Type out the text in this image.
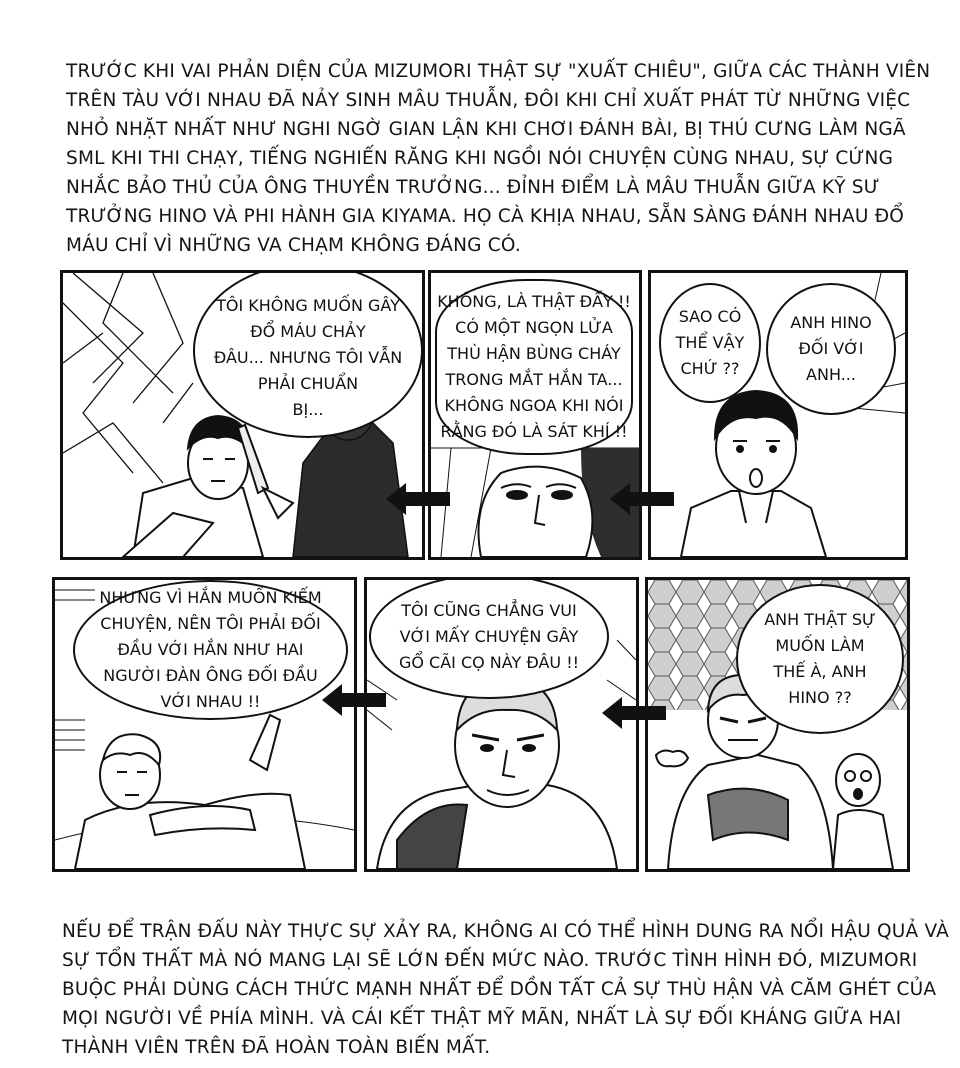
TRƯỚC KHI VAI PHẢN DIỆN CỦA MIZUMORI THẬT SỰ "XUẤT CHIÊU", GIỮA CÁC THÀNH VIÊN
TRÊN TÀU VỚI NHAU ĐÃ NẢY SINH MÂU THUẪN, ĐÔI KHI CHỈ XUẤT PHÁT TỪ NHỮNG VIỆC
NHỎ NHẶT NHẤT NHƯ NGHI NGỜ GIAN LẬN KHI CHƠI ĐÁNH BÀI, BỊ THÚ CƯNG LÀM NGÃ
SML KHI THI CHẠY, TIẾNG NGHIẾN RĂNG KHI NGỒI NÓI CHUYỆN CÙNG NHAU, SỰ CỨNG
NHẮC BẢO THỦ CỦA ÔNG THUYỀN TRƯỞNG... ĐỈNH ĐIỂM LÀ MÂU THUẪN GIỮA KỸ SƯ
TRƯỞNG HINO VÀ PHI HÀNH GIA KIYAMA. HỌ CÀ KHỊA NHAU, SẴN SÀNG ĐÁNH NHAU ĐỔ
MÁU CHỈ VÌ NHỮNG VA CHẠM KHÔNG ĐÁNG CÓ.
TÔI KHÔNG MUỐN GÂY
ĐỔ MÁU CHẢY
ĐÂU... NHƯNG TÔI VẪN
PHẢI CHUẨN
BỊ...
KHÔNG, LÀ THẬT ĐẤY !!
CÓ MỘT NGỌN LỬA
THÙ HẬN BÙNG CHÁY
TRONG MẮT HẮN TA...
KHÔNG NGOA KHI NÓI
RẰNG ĐÓ LÀ SÁT KHÍ !!
SAO CÓ
THỂ VẬY
CHỨ ??
ANH HINO
ĐỐI VỚI
ANH...
NHƯNG VÌ HẮN MUỐN KIẾM
CHUYỆN, NÊN TÔI PHẢI ĐỐI
ĐẦU VỚI HẮN NHƯ HAI
NGƯỜI ĐÀN ÔNG ĐỐI ĐẦU
VỚI NHAU !!
TÔI CŨNG CHẲNG VUI
VỚI MẤY CHUYỆN GÂY
GỔ CÃI CỌ NÀY ĐÂU !!
ANH THẬT SỰ
MUỐN LÀM
THẾ À, ANH
HINO ??
NẾU ĐỂ TRẬN ĐẤU NÀY THỰC SỰ XẢY RA, KHÔNG AI CÓ THỂ HÌNH DUNG RA NỔI HẬU QUẢ VÀ
SỰ TỔN THẤT MÀ NÓ MANG LẠI SẼ LỚN ĐẾN MỨC NÀO. TRƯỚC TÌNH HÌNH ĐÓ, MIZUMORI
BUỘC PHẢI DÙNG CÁCH THỨC MẠNH NHẤT ĐỂ DỒN TẤT CẢ SỰ THÙ HẬN VÀ CĂM GHÉT CỦA
MỌI NGƯỜI VỀ PHÍA MÌNH. VÀ CÁI KẾT THẬT MỸ MÃN, NHẤT LÀ SỰ ĐỐI KHÁNG GIỮA HAI
THÀNH VIÊN TRÊN ĐÃ HOÀN TOÀN BIẾN MẤT.
